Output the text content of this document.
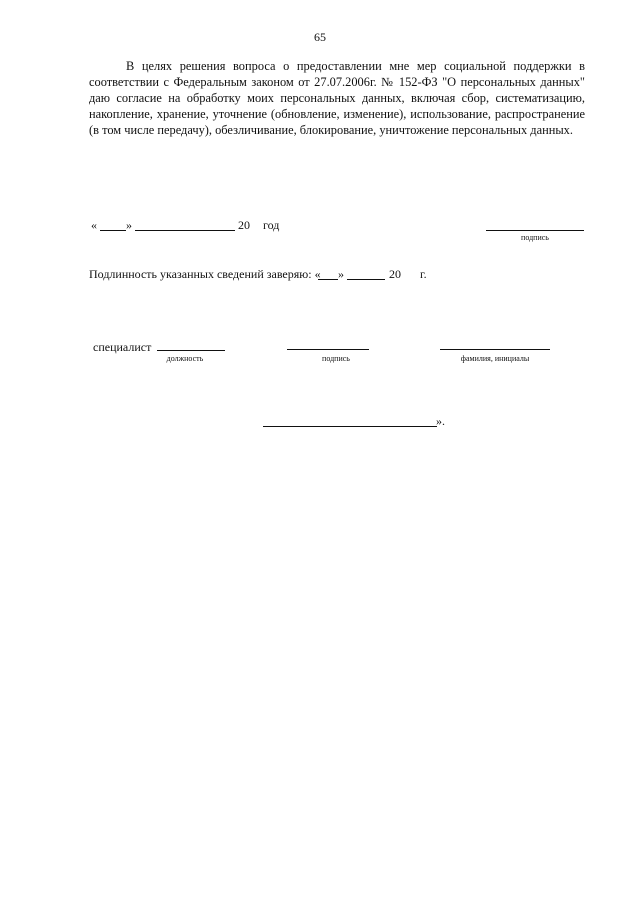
65

В целях решения вопроса о предоставлении мне мер социальной поддержки в соответствии с Федеральным законом от 27.07.2006г. № 152-ФЗ "О персональных данных" даю согласие на обработку моих персональных данных, включая сбор, систематизацию, накопление, хранение, уточнение (обновление, изменение), использование, распространение (в том числе передачу), обезличивание, блокирование, уничтожение персональных данных.

« »	20 год
подпись
Подлинность указанных сведений заверяю: « »	20 г.
специалист
должность	подпись	фамилия, инициалы
».
